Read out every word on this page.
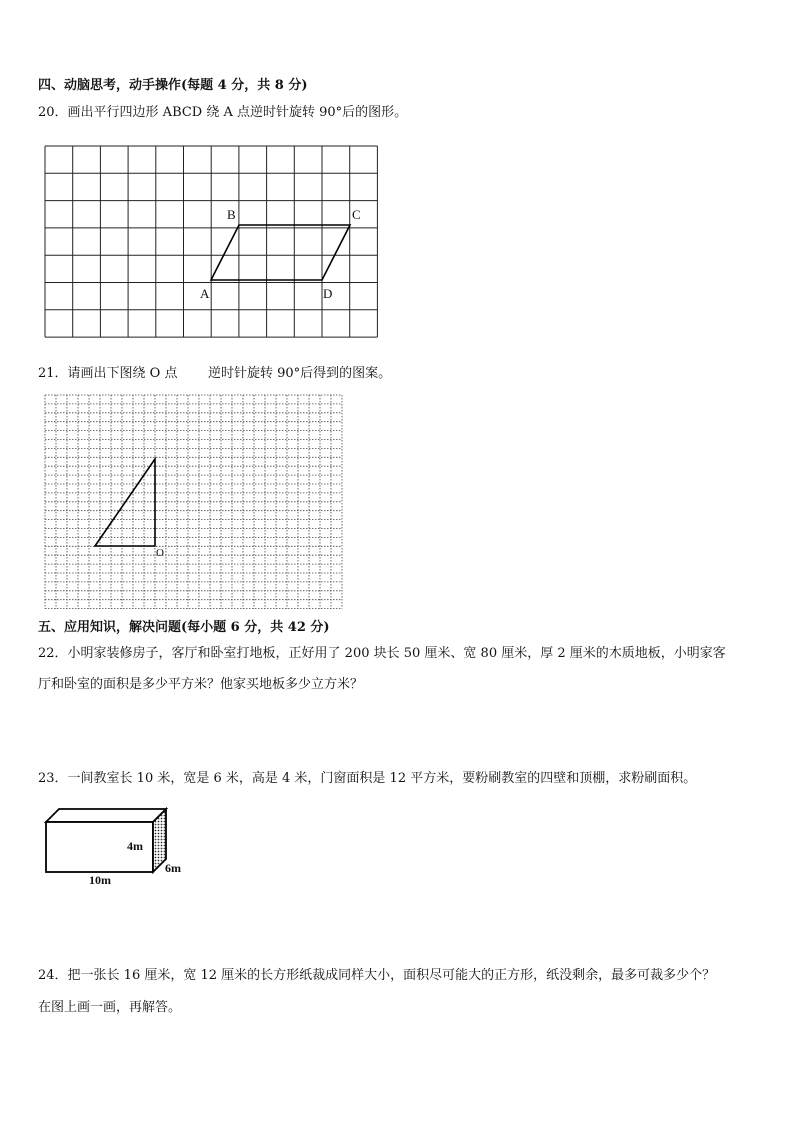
四、动脑思考，动手操作(每题 4 分，共 8 分)
20．画出平行四边形 ABCD 绕 A 点逆时针旋转 90°后的图形。
A
B	C
D
21．请画出下图绕 O 点 逆时针旋转 90°后得到的图案。
O
五、应用知识，解决问题(每小题 6 分，共 42 分)
22．小明家装修房子，客厅和卧室打地板，正好用了 200 块长 50 厘米、宽 80 厘米，厚 2 厘米的木质地板，小明家客
厅和卧室的面积是多少平方米？他家买地板多少立方米？
23．一间教室长 10 米，宽是 6 米，高是 4 米，门窗面积是 12 平方米，要粉刷教室的四壁和顶棚，求粉刷面积。
4m
6m
10m
24．把一张长 16 厘米，宽 12 厘米的长方形纸裁成同样大小，面积尽可能大的正方形，纸没剩余，最多可裁多少个？
在图上画一画，再解答。
